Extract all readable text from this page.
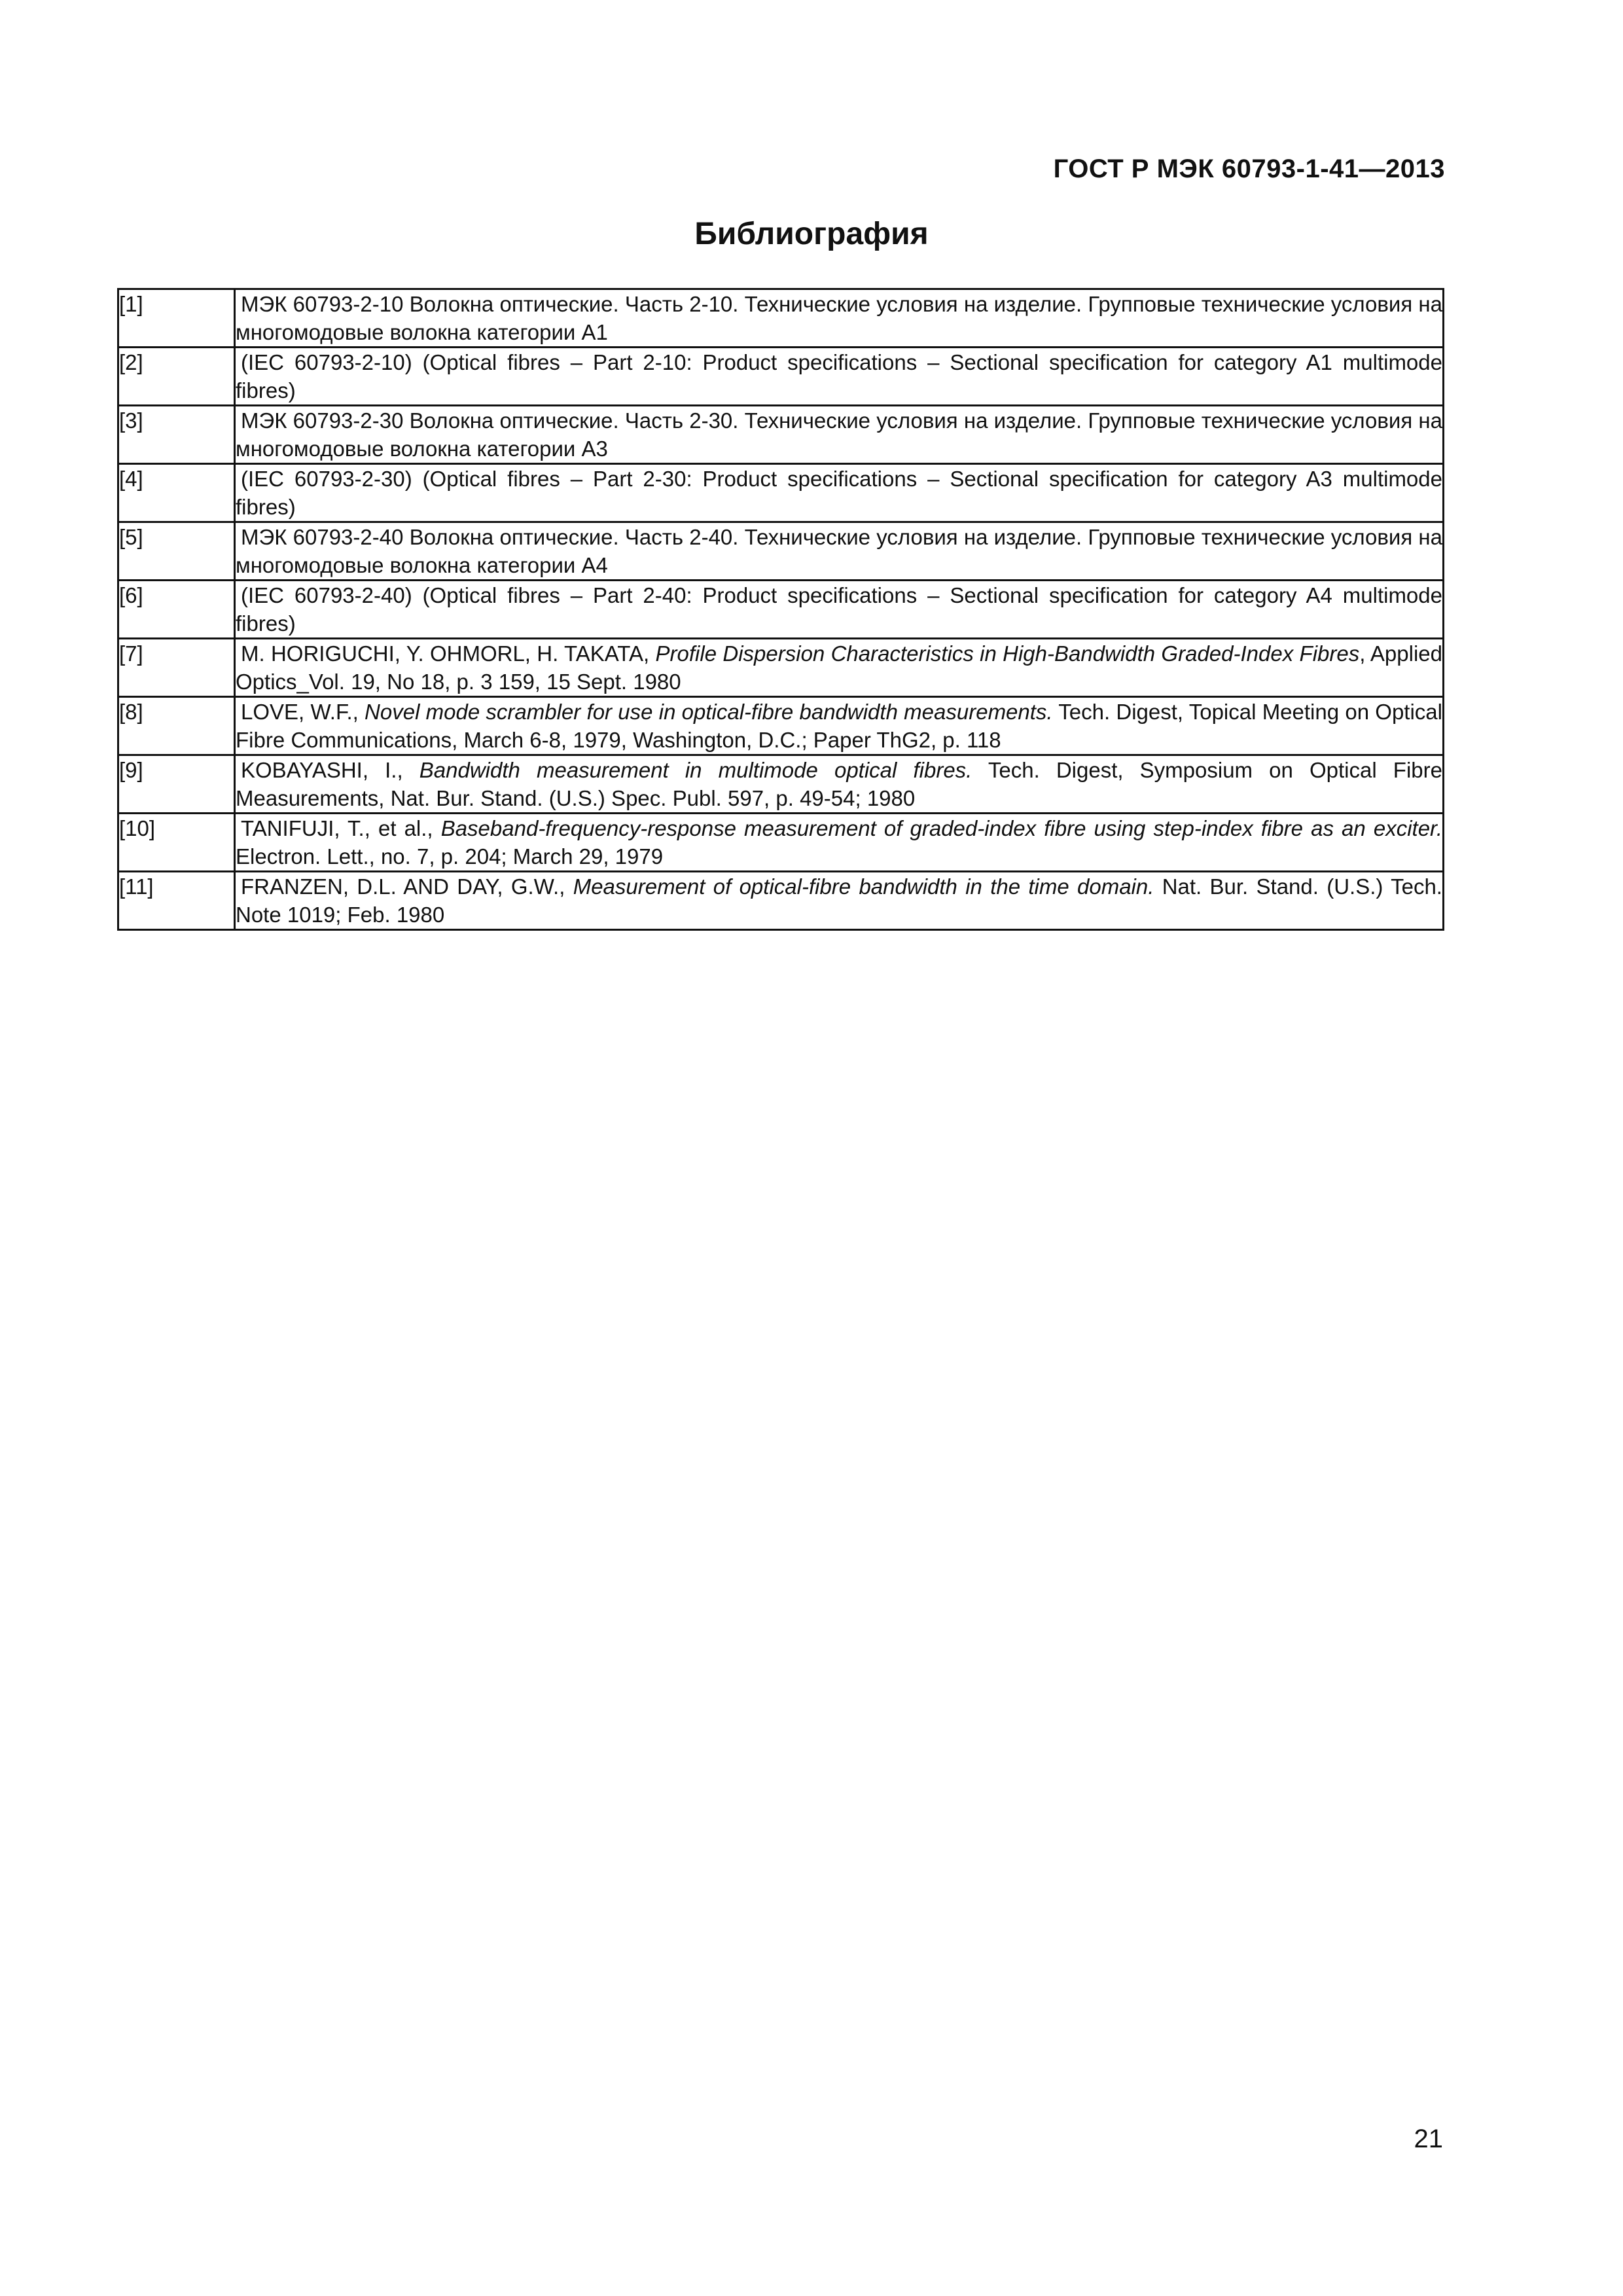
ГОСТ Р МЭК 60793-1-41—2013
Библиография
[1]	МЭК 60793-2-10 Волокна оптические. Часть 2-10. Технические условия на изделие. Групповые технические условия на многомодовые волокна категории А1

[2]	(IEC 60793-2-10) (Optical fibres – Part 2-10: Product specifications – Sectional specification for category A1 multimode fibres)

[3]	МЭК 60793-2-30 Волокна оптические. Часть 2-30. Технические условия на изделие. Групповые технические условия на многомодовые волокна категории А3

[4]	(IEC 60793-2-30) (Optical fibres – Part 2-30: Product specifications – Sectional specification for category A3 multimode fibres)

[5]	МЭК 60793-2-40 Волокна оптические. Часть 2-40. Технические условия на изделие. Групповые технические условия на многомодовые волокна категории А4

[6]	(IEC 60793-2-40) (Optical fibres – Part 2-40: Product specifications – Sectional specification for category A4 multimode fibres)

[7]	M. HORIGUCHI, Y. OHMORL, H. TAKATA, Profile Dispersion Characteristics in High-Bandwidth Graded-Index Fibres, Applied Optics_Vol. 19, No 18, p. 3 159, 15 Sept. 1980

[8]	LOVE, W.F., Novel mode scrambler for use in optical-fibre bandwidth measurements. Tech. Digest, Topical Meeting on Optical Fibre Communications, March 6-8, 1979, Washington, D.C.; Paper ThG2, p. 118

[9]	KOBAYASHI, I., Bandwidth measurement in multimode optical fibres. Tech. Digest, Symposium on Optical Fibre Measurements, Nat. Bur. Stand. (U.S.) Spec. Publ. 597, p. 49-54; 1980

[10]	TANIFUJI, T., et al., Baseband-frequency-response measurement of graded-index fibre using step-index fibre as an exciter. Electron. Lett., no. 7, p. 204; March 29, 1979

[11]	FRANZEN, D.L. AND DAY, G.W., Measurement of optical-fibre bandwidth in the time domain. Nat. Bur. Stand. (U.S.) Tech. Note 1019; Feb. 1980
21
